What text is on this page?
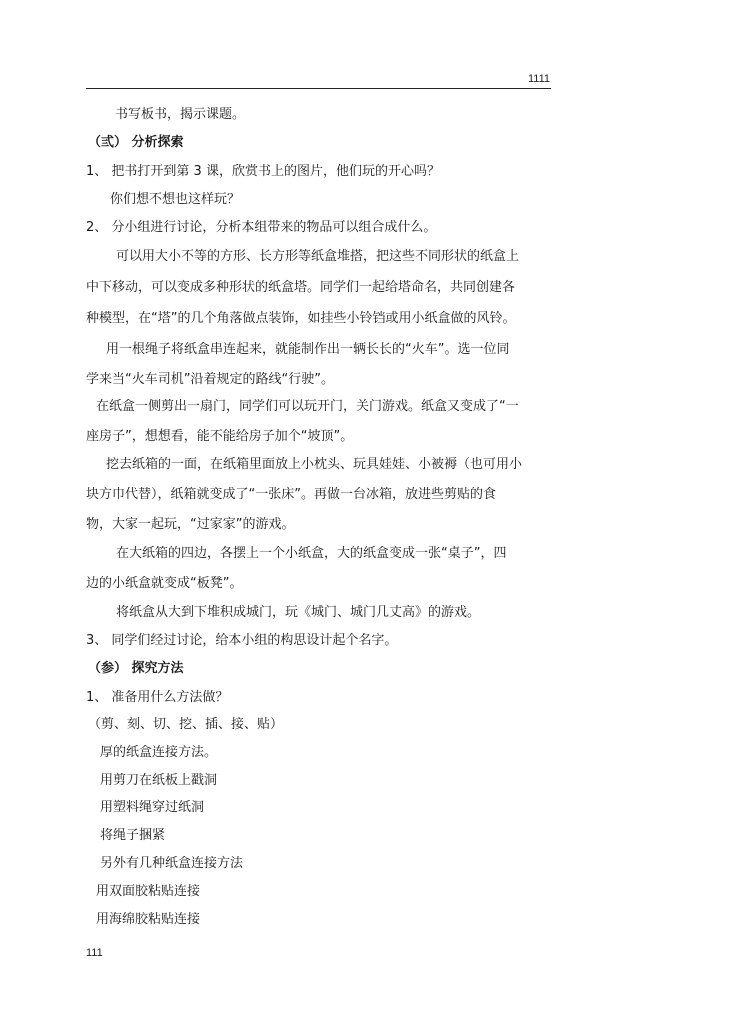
1111
书写板书，揭示课题。
（弎） 分析探索
1、 把书打开到第 3 课，欣赏书上的图片，他们玩的开心吗？
你们想不想也这样玩？
2、 分小组进行讨论，分析本组带来的物品可以组合成什么。
可以用大小不等的方形、长方形等纸盒堆搭，把这些不同形状的纸盒上
中下移动，可以变成多种形状的纸盒塔。同学们一起给塔命名，共同创建各
种模型，在“塔”的几个角落做点装饰，如挂些小铃铛或用小纸盒做的风铃。
用一根绳子将纸盒串连起来，就能制作出一辆长长的“火车”。选一位同
学来当“火车司机”沿着规定的路线“行驶”。
在纸盒一侧剪出一扇门，同学们可以玩开门，关门游戏。纸盒又变成了“一
座房子”，想想看，能不能给房子加个“坡顶”。
挖去纸箱的一面，在纸箱里面放上小枕头、玩具娃娃、小被褥（也可用小
块方巾代替），纸箱就变成了“一张床”。再做一台冰箱，放进些剪贴的食
物，大家一起玩，“过家家”的游戏。
在大纸箱的四边，各摆上一个小纸盒，大的纸盒变成一张“桌子”，四
边的小纸盒就变成“板凳”。
将纸盒从大到下堆积成城门，玩《城门、城门几丈高》的游戏。
3、 同学们经过讨论，给本小组的构思设计起个名字。
（参） 探究方法
1、 准备用什么方法做？
（剪、刻、切、挖、插、接、贴）
厚的纸盒连接方法。
用剪刀在纸板上戳洞
用塑料绳穿过纸洞
将绳子捆紧
另外有几种纸盒连接方法
用双面胶粘贴连接
用海绵胶粘贴连接
111
